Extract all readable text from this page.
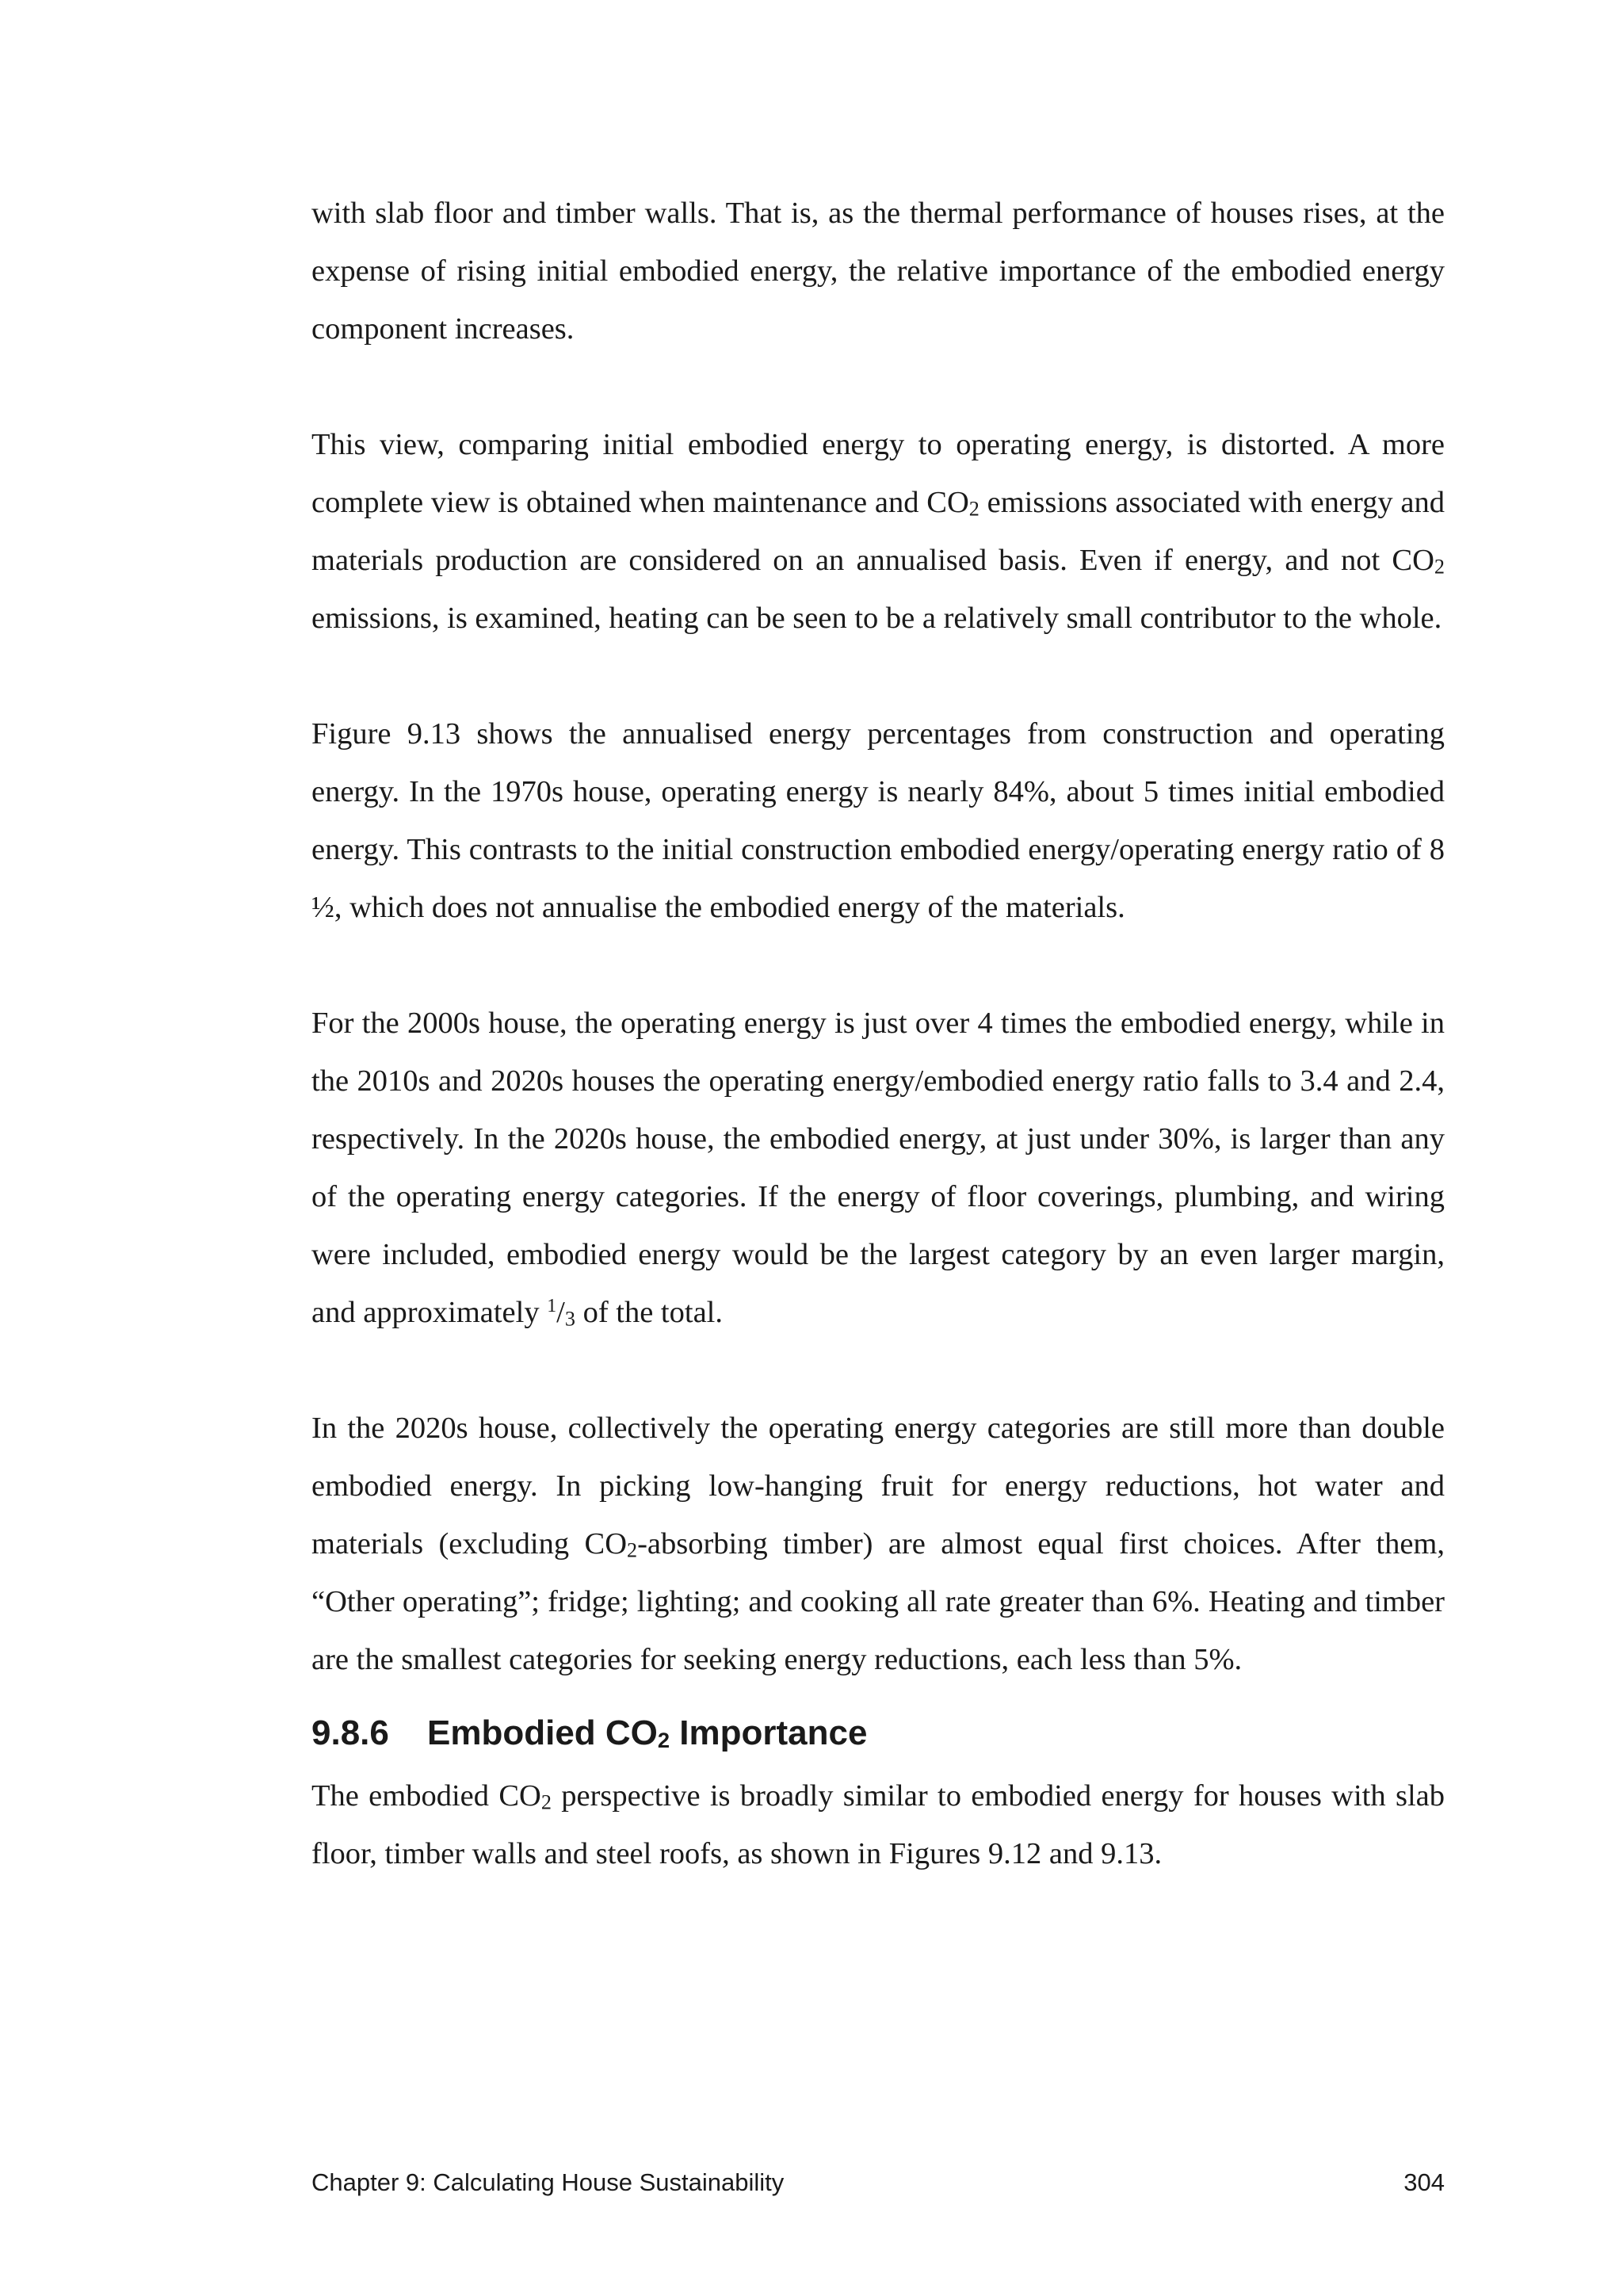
with slab floor and timber walls. That is, as the thermal performance of houses rises, at the expense of rising initial embodied energy, the relative importance of the embodied energy component increases.

This view, comparing initial embodied energy to operating energy, is distorted. A more complete view is obtained when maintenance and $CO_2$ emissions associated with energy and materials production are considered on an annualised basis. Even if energy, and not $CO_2$ emissions, is examined, heating can be seen to be a relatively small contributor to the whole.

Figure 9.13 shows the annualised energy percentages from construction and operating energy. In the 1970s house, operating energy is nearly 84%, about 5 times initial embodied energy. This contrasts to the initial construction embodied energy/operating energy ratio of 8 ½, which does not annualise the embodied energy of the materials.

For the 2000s house, the operating energy is just over 4 times the embodied energy, while in the 2010s and 2020s houses the operating energy/embodied energy ratio falls to 3.4 and 2.4, respectively. In the 2020s house, the embodied energy, at just under 30%, is larger than any of the operating energy categories. If the energy of floor coverings, plumbing, and wiring were included, embodied energy would be the largest category by an even larger margin, and approximately $^1/_3$ of the total.

In the 2020s house, collectively the operating energy categories are still more than double embodied energy. In picking low-hanging fruit for energy reductions, hot water and materials (excluding $CO_2$-absorbing timber) are almost equal first choices. After them, “Other operating”; fridge; lighting; and cooking all rate greater than 6%. Heating and timber are the smallest categories for seeking energy reductions, each less than 5%.

9.8.6 Embodied $CO_2$ Importance

The embodied $CO_2$ perspective is broadly similar to embodied energy for houses with slab floor, timber walls and steel roofs, as shown in Figures 9.12 and 9.13.

Chapter 9: Calculating House Sustainability	304
